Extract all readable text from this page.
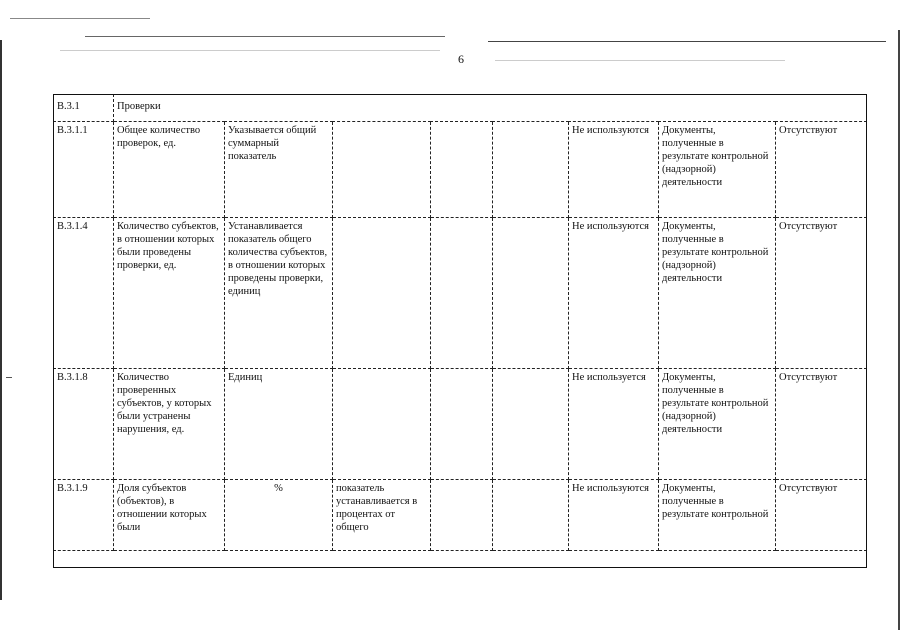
6
В.3.1	Проверки							
В.3.1.1	Общее количество проверок, ед.	Указывается общий суммарный показатель				Не используются	Документы, полученные в результате контрольной (надзорной) деятельности	Отсутствуют
В.3.1.4	Количество субъектов, в отношении которых были проведены проверки, ед.	Устанавливается показатель общего количества субъектов, в отношении которых проведены проверки, единиц				Не используются	Документы, полученные в результате контрольной (надзорной) деятельности	Отсутствуют
В.3.1.8	Количество проверенных субъектов, у которых были устранены нарушения, ед.	Единиц				Не используется	Документы, полученные в результате контрольной (надзорной) деятельности	Отсутствуют
В.3.1.9	Доля субъектов (объектов), в отношении которых были	%	показатель устанавливается в процентах от общего			Не используются	Документы, полученные в результате контрольной	Отсутствуют
